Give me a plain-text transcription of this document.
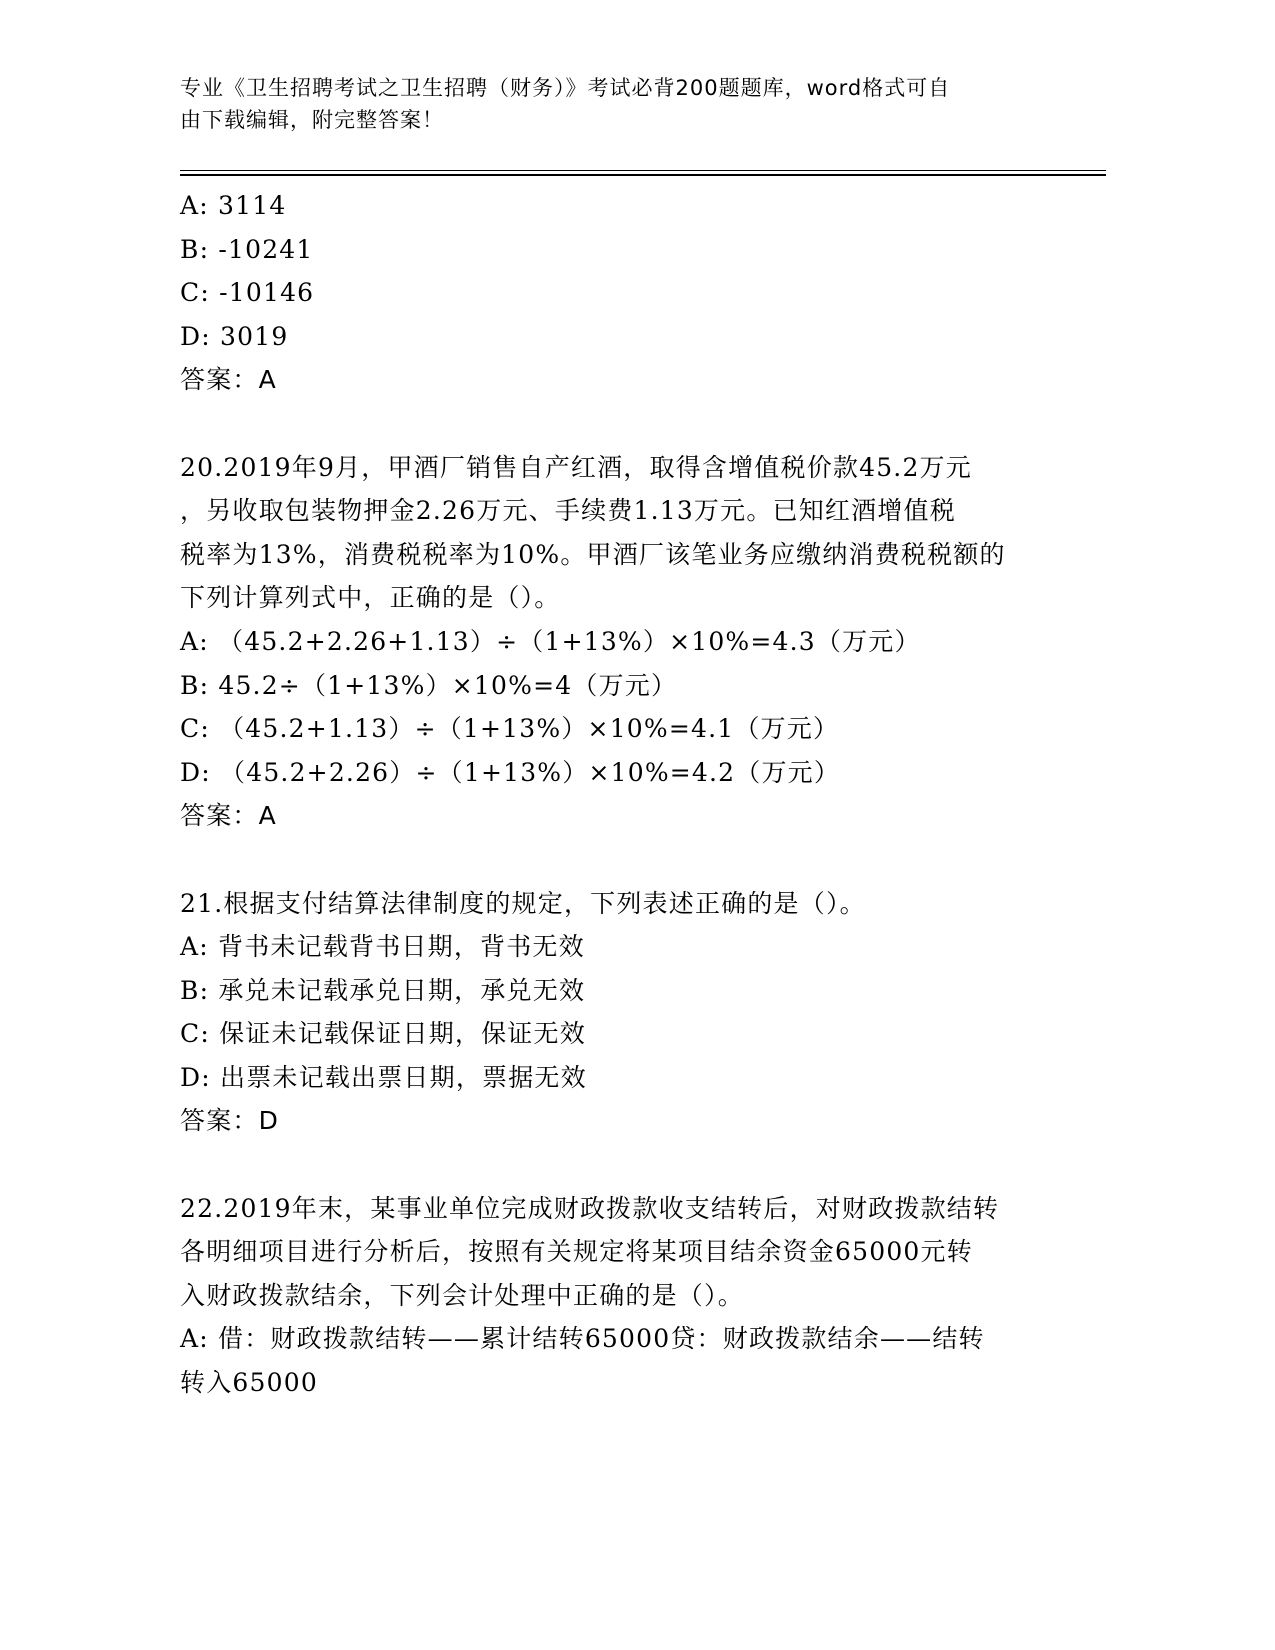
专业《卫生招聘考试之卫生招聘（财务）》考试必背200题题库，word格式可自
由下载编辑，附完整答案！
A: 3114
B: -10241
C: -10146
D: 3019
答案：A
20.2019年9月，甲酒厂销售自产红酒，取得含增值税价款45.2万元
，另收取包装物押金2.26万元、手续费1.13万元。已知红酒增值税
税率为13%，消费税税率为10%。甲酒厂该笔业务应缴纳消费税税额的
下列计算列式中，正确的是（）。
A: （45.2+2.26+1.13）÷（1+13%）×10%=4.3（万元）
B: 45.2÷（1+13%）×10%=4（万元）
C: （45.2+1.13）÷（1+13%）×10%=4.1（万元）
D: （45.2+2.26）÷（1+13%）×10%=4.2（万元）
答案：A
21.根据支付结算法律制度的规定，下列表述正确的是（）。
A: 背书未记载背书日期，背书无效
B: 承兑未记载承兑日期，承兑无效
C: 保证未记载保证日期，保证无效
D: 出票未记载出票日期，票据无效
答案：D
22.2019年末，某事业单位完成财政拨款收支结转后，对财政拨款结转
各明细项目进行分析后，按照有关规定将某项目结余资金65000元转
入财政拨款结余，下列会计处理中正确的是（）。
A: 借：财政拨款结转——累计结转65000贷：财政拨款结余——结转
转入65000
